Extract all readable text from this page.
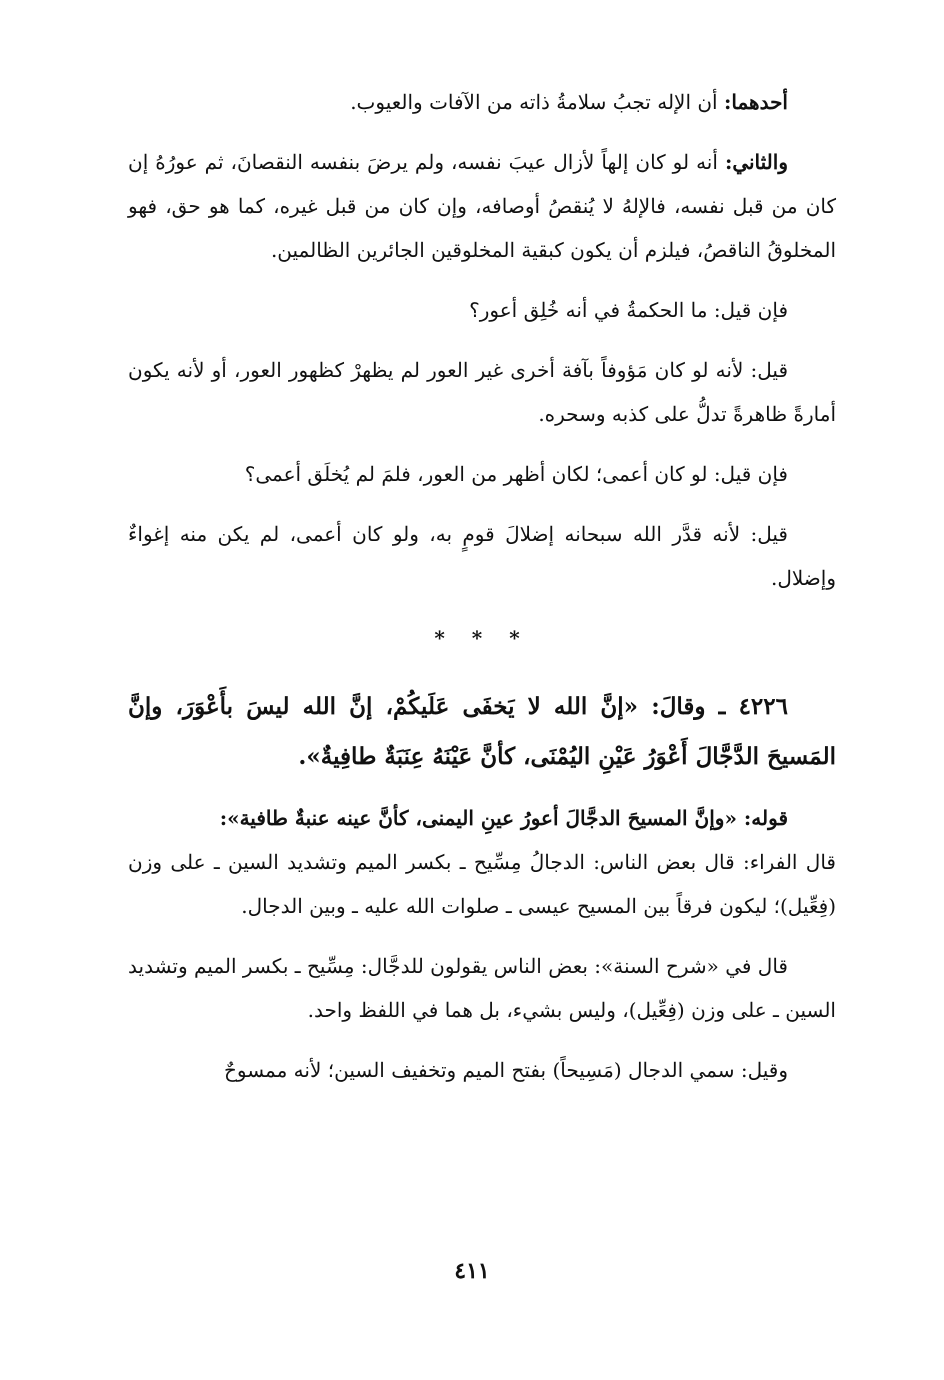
أحدهما: أن الإله تجبُ سلامةُ ذاته من الآفات والعيوب.

والثاني: أنه لو كان إلهاً لأزال عيبَ نفسه، ولم يرضَ بنفسه النقصانَ، ثم عورُهُ إن كان من قبل نفسه، فالإلهُ لا يُنقصُ أوصافه، وإن كان من قبل غيره، كما هو حق، فهو المخلوقُ الناقصُ، فيلزم أن يكون كبقية المخلوقين الجائرين الظالمين.

فإن قيل: ما الحكمةُ في أنه خُلِق أعور؟

قيل: لأنه لو كان مَؤوفاً بآفة أخرى غير العور لم يظهرْ كظهور العور، أو لأنه يكون أمارةً ظاهرةً تدلُّ على كذبه وسحره.

فإن قيل: لو كان أعمى؛ لكان أظهر من العور، فلمَ لم يُخلَق أعمى؟

قيل: لأنه قدَّر الله سبحانه إضلالَ قومٍ به، ولو كان أعمى، لم يكن منه إغواءٌ وإضلال.

* * *

٤٢٢٦ ـ وقالَ: «إنَّ الله لا يَخفَى عَلَيكُمْ، إنَّ الله ليسَ بأَعْوَرَ، وإنَّ المَسيحَ الدَّجَّالَ أَعْوَرُ عَيْنِ اليُمْنَى، كأنَّ عَيْنَهُ عِنَبَةٌ طافِيةٌ».

قوله: «وإنَّ المسيحَ الدجَّالَ أعورُ عينِ اليمنى، كأنَّ عينه عنبةٌ طافية»:

قال الفراء: قال بعض الناس: الدجالُ مِسِّيح ـ بكسر الميم وتشديد السين ـ على وزن (فِعِّيل)؛ ليكون فرقاً بين المسيح عيسى ـ صلوات الله عليه ـ وبين الدجال.

قال في «شرح السنة»: بعض الناس يقولون للدجَّال: مِسِّيح ـ بكسر الميم وتشديد السين ـ على وزن (فِعِّيل)، وليس بشيء، بل هما في اللفظ واحد.

وقيل: سمي الدجال (مَسِيحاً) بفتح الميم وتخفيف السين؛ لأنه ممسوحٌ

٤١١
